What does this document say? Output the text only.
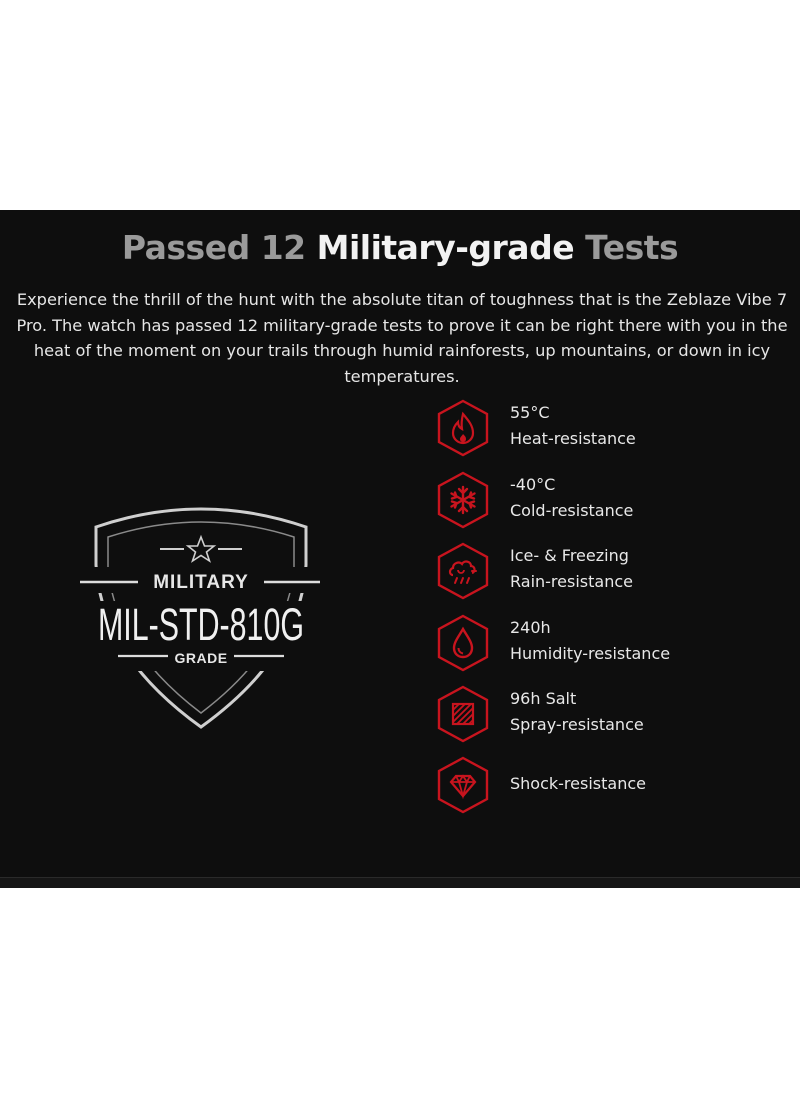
Passed 12 Military-grade Tests
Experience the thrill of the hunt with the absolute titan of toughness that is the Zeblaze Vibe 7 Pro. The watch has passed 12 military-grade tests to prove it can be right there with you in the heat of the moment on your trails through humid rainforests, up mountains, or down in icy temperatures.
MILITARY
MIL-STD-810G
GRADE
55°C
Heat-resistance
-40°C
Cold-resistance
Ice- & Freezing
Rain-resistance
240h
Humidity-resistance
96h Salt
Spray-resistance
Shock-resistance
